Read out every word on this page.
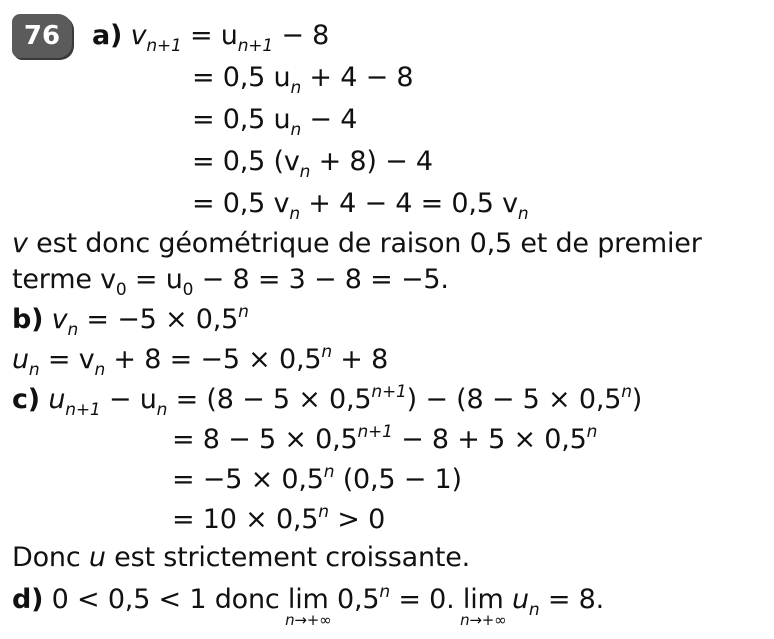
76	a) $v_{n+1} = u_{n+1} - 8$
= 0,5 $u_n + 4 - 8$
= 0,5 $u_n - 4$
= 0,5 $(v_n + 8) - 4$
= 0,5 $v_n + 4 - 4 = 0,5$ $v_n$
v est donc géométrique de raison 0,5 et de premier
terme $v_0 = u_0 - 8 = 3 - 8 = -5$.
b) $v_n = -5 \times 0,5^n$
$u_n = v_n + 8 = -5 \times 0,5^n + 8$
c) $u_{n+1} - u_n = (8 - 5 \times 0,5^{n+1}) - (8 - 5 \times 0,5^n)$
= $8 - 5 \times 0,5^{n+1} - 8 + 5 \times 0,5^n$
= $-5 \times 0,5^n$ (0,5 − 1)
= $10 \times 0,5^n > 0$
Donc u est strictement croissante.
d) 0 < 0,5 < 1 donc lim
n→+∞
$0,5^n = 0$. lim
n→+∞
$u_n = 8$.
